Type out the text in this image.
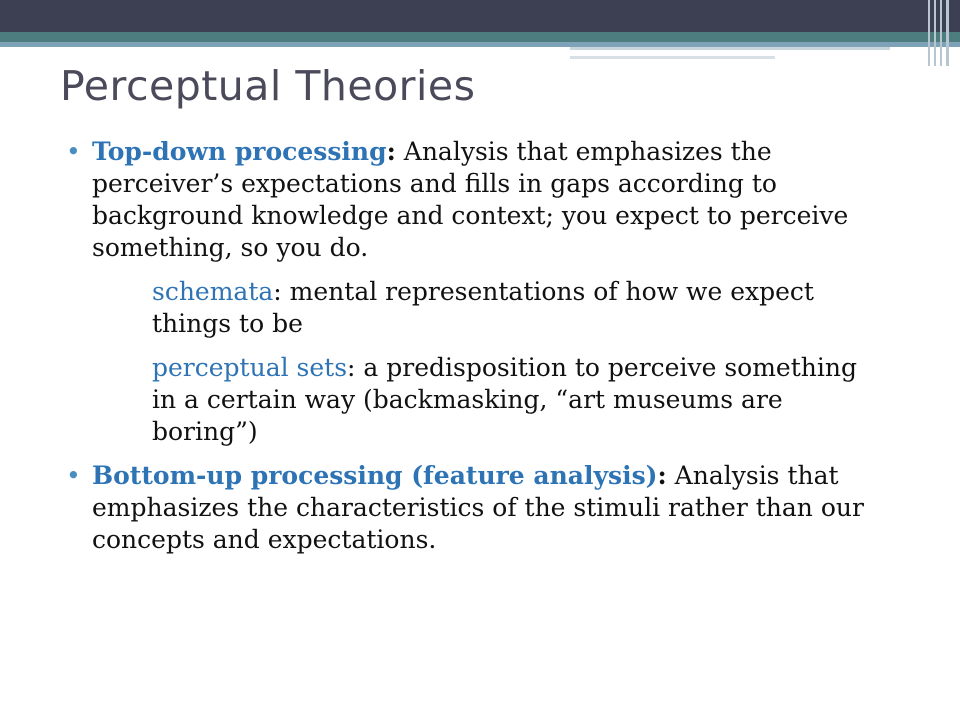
Perceptual Theories

• Top-down processing: Analysis that emphasizes the perceiver’s expectations and fills in gaps according to background knowledge and context; you expect to perceive something, so you do.

schemata: mental representations of how we expect things to be

perceptual sets: a predisposition to perceive something in a certain way (backmasking, “art museums are boring”)

• Bottom-up processing (feature analysis): Analysis that emphasizes the characteristics of the stimuli rather than our concepts and expectations.
